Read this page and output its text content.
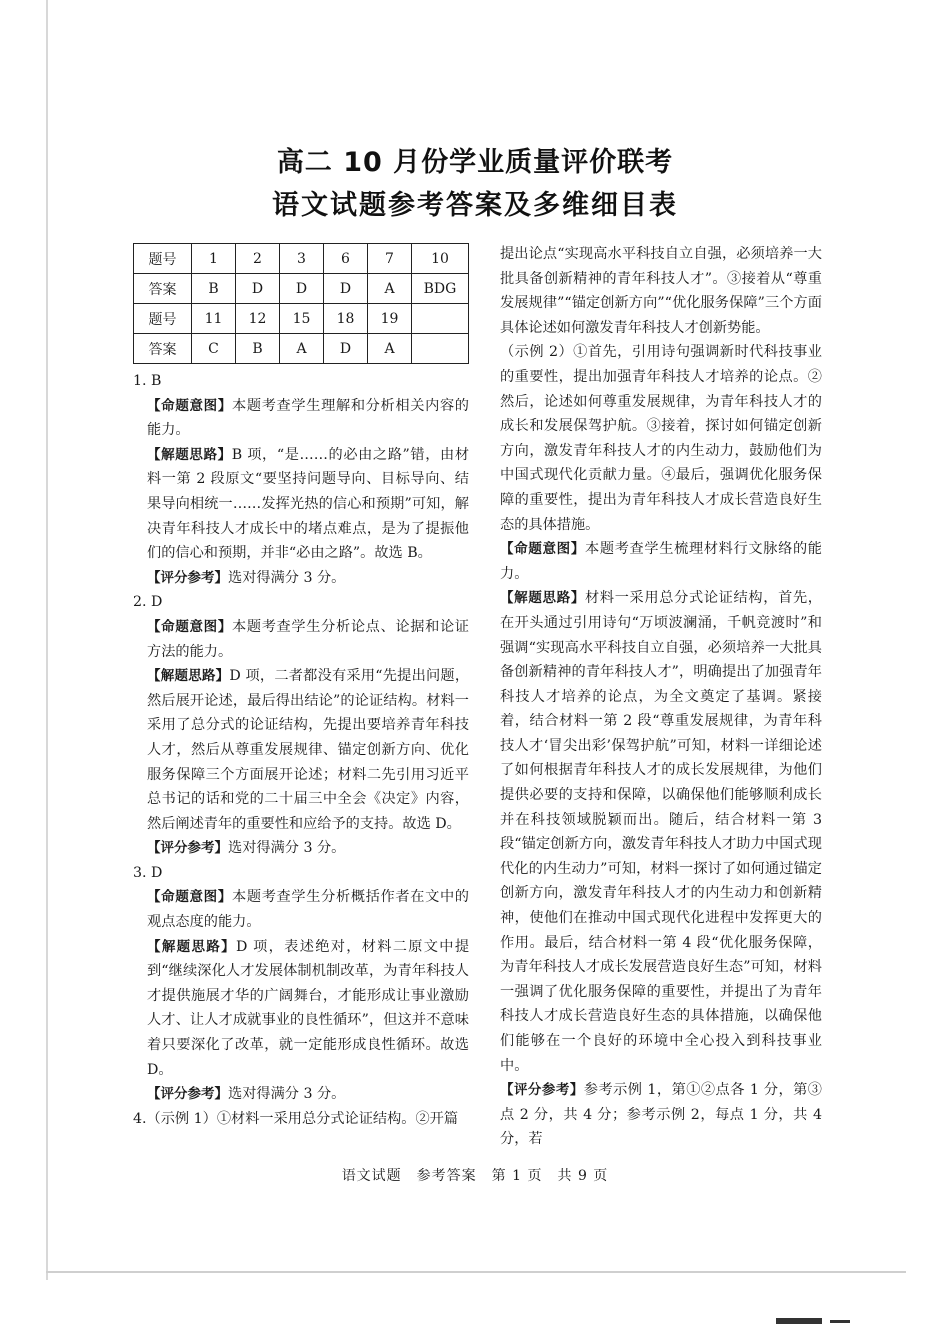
高二 10 月份学业质量评价联考
语文试题参考答案及多维细目表
题号	1	2	3	6	7	10
答案	B	D	D	D	A	BDG
题号	11	12	15	18	19	
答案	C	B	A	D	A	

1. B

【命题意图】本题考查学生理解和分析相关内容的能力。

【解题思路】B 项，“是……的必由之路”错，由材料一第 2 段原文“要坚持问题导向、目标导向、结果导向相统一……发挥光热的信心和预期”可知，解决青年科技人才成长中的堵点难点，是为了提振他们的信心和预期，并非“必由之路”。故选 B。

【评分参考】选对得满分 3 分。

2. D

【命题意图】本题考查学生分析论点、论据和论证方法的能力。

【解题思路】D 项，二者都没有采用“先提出问题，然后展开论述，最后得出结论”的论证结构。材料一采用了总分式的论证结构，先提出要培养青年科技人才，然后从尊重发展规律、锚定创新方向、优化服务保障三个方面展开论述；材料二先引用习近平总书记的话和党的二十届三中全会《决定》内容，然后阐述青年的重要性和应给予的支持。故选 D。

【评分参考】选对得满分 3 分。

3. D

【命题意图】本题考查学生分析概括作者在文中的观点态度的能力。

【解题思路】D 项，表述绝对，材料二原文中提到“继续深化人才发展体制机制改革，为青年科技人才提供施展才华的广阔舞台，才能形成让事业激励人才、让人才成就事业的良性循环”，但这并不意味着只要深化了改革，就一定能形成良性循环。故选 D。

【评分参考】选对得满分 3 分。

4.（示例 1）①材料一采用总分式论证结构。②开篇

提出论点“实现高水平科技自立自强，必须培养一大批具备创新精神的青年科技人才”。③接着从“尊重发展规律”“锚定创新方向”“优化服务保障”三个方面具体论述如何激发青年科技人才创新势能。

（示例 2）①首先，引用诗句强调新时代科技事业的重要性，提出加强青年科技人才培养的论点。②然后，论述如何尊重发展规律，为青年科技人才的成长和发展保驾护航。③接着，探讨如何锚定创新方向，激发青年科技人才的内生动力，鼓励他们为中国式现代化贡献力量。④最后，强调优化服务保障的重要性，提出为青年科技人才成长营造良好生态的具体措施。

【命题意图】本题考查学生梳理材料行文脉络的能力。

【解题思路】材料一采用总分式论证结构，首先，在开头通过引用诗句“万顷波澜涌，千帆竞渡时”和强调“实现高水平科技自立自强，必须培养一大批具备创新精神的青年科技人才”，明确提出了加强青年科技人才培养的论点，为全文奠定了基调。紧接着，结合材料一第 2 段“尊重发展规律，为青年科技人才‘冒尖出彩’保驾护航”可知，材料一详细论述了如何根据青年科技人才的成长发展规律，为他们提供必要的支持和保障，以确保他们能够顺利成长并在科技领域脱颖而出。随后，结合材料一第 3 段“锚定创新方向，激发青年科技人才助力中国式现代化的内生动力”可知，材料一探讨了如何通过锚定创新方向，激发青年科技人才的内生动力和创新精神，使他们在推动中国式现代化进程中发挥更大的作用。最后，结合材料一第 4 段“优化服务保障，为青年科技人才成长发展营造良好生态”可知，材料一强调了优化服务保障的重要性，并提出了为青年科技人才成长营造良好生态的具体措施，以确保他们能够在一个良好的环境中全心投入到科技事业中。

【评分参考】参考示例 1，第①②点各 1 分，第③点 2 分，共 4 分；参考示例 2，每点 1 分，共 4 分，若

语文试题　参考答案　第 1 页　共 9 页
